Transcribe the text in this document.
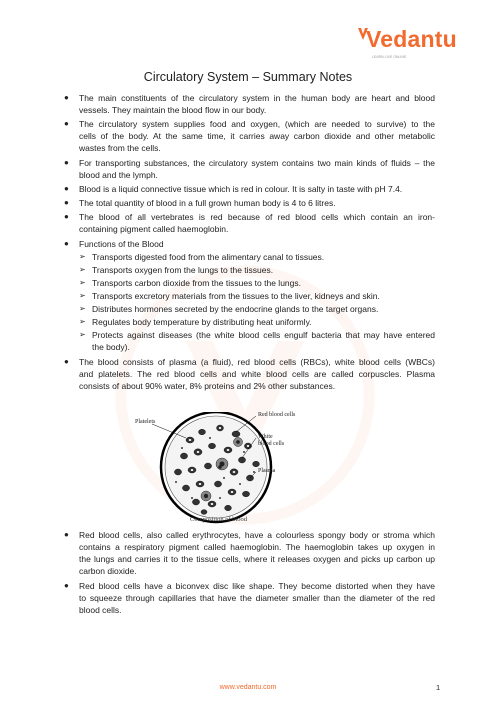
Vedantu
LEARN LIVE ONLINE
Circulatory System – Summary Notes
● The main constituents of the circulatory system in the human body are heart and blood
vessels. They maintain the blood flow in our body.
● The circulatory system supplies food and oxygen, (which are needed to survive) to the
cells of the body. At the same time, it carries away carbon dioxide and other metabolic
wastes from the cells.
● For transporting substances, the circulatory system contains two main kinds of fluids – the
blood and the lymph.
● Blood is a liquid connective tissue which is red in colour. It is salty in taste with pH 7.4.
● The total quantity of blood in a full grown human body is 4 to 6 litres.
● The blood of all vertebrates is red because of red blood cells which contain an iron-
containing pigment called haemoglobin.
● Functions of the Blood
➢ Transports digested food from the alimentary canal to tissues.
➢ Transports oxygen from the lungs to the tissues.
➢ Transports carbon dioxide from the tissues to the lungs.
➢ Transports excretory materials from the tissues to the liver, kidneys and skin.
➢ Distributes hormones secreted by the endocrine glands to the target organs.
➢ Regulates body temperature by distributing heat uniformly.
➢ Protects against diseases (the white blood cells engulf bacteria that may have entered
the body).
● The blood consists of plasma (a fluid), red blood cells (RBCs), white blood cells (WBCs)
and platelets. The red blood cells and white blood cells are called corpuscles. Plasma
consists of about 90% water, 8% proteins and 2% other substances.
● Red blood cells, also called erythrocytes, have a colourless spongy body or stroma which
contains a respiratory pigment called haemoglobin. The haemoglobin takes up oxygen in
the lungs and carries it to the tissue cells, where it releases oxygen and picks up carbon up
carbon dioxide.
● Red blood cells have a biconvex disc like shape. They become distorted when they have
to squeeze through capillaries that have the diameter smaller than the diameter of the red
blood cells.
Platelets
Red blood cells
White
blood cells
Plasma
Composition of blood
www.vedantu.com	1
